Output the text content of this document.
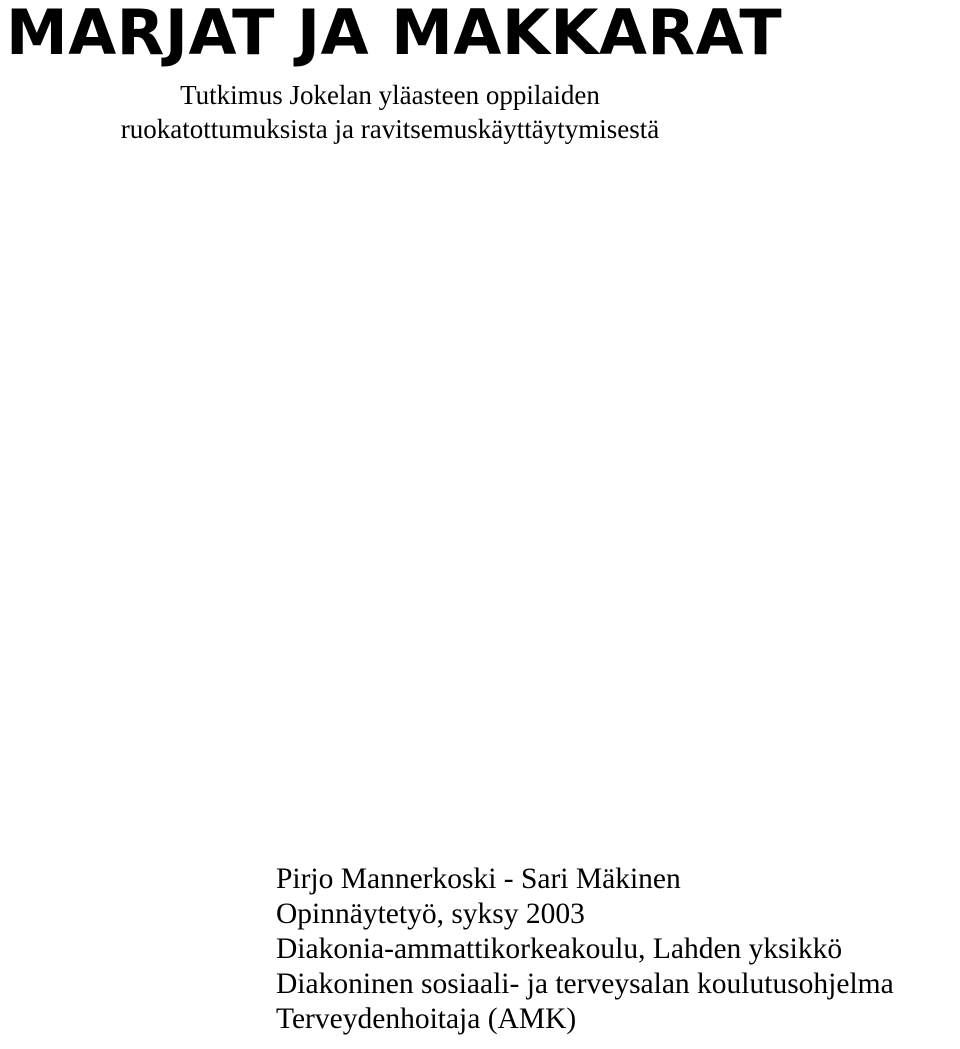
MARJAT JA MAKKARAT
Tutkimus Jokelan yläasteen oppilaiden
ruokatottumuksista ja ravitsemuskäyttäytymisestä
Pirjo Mannerkoski - Sari Mäkinen
Opinnäytetyö, syksy 2003
Diakonia-ammattikorkeakoulu, Lahden yksikkö
Diakoninen sosiaali- ja terveysalan koulutusohjelma
Terveydenhoitaja (AMK)
